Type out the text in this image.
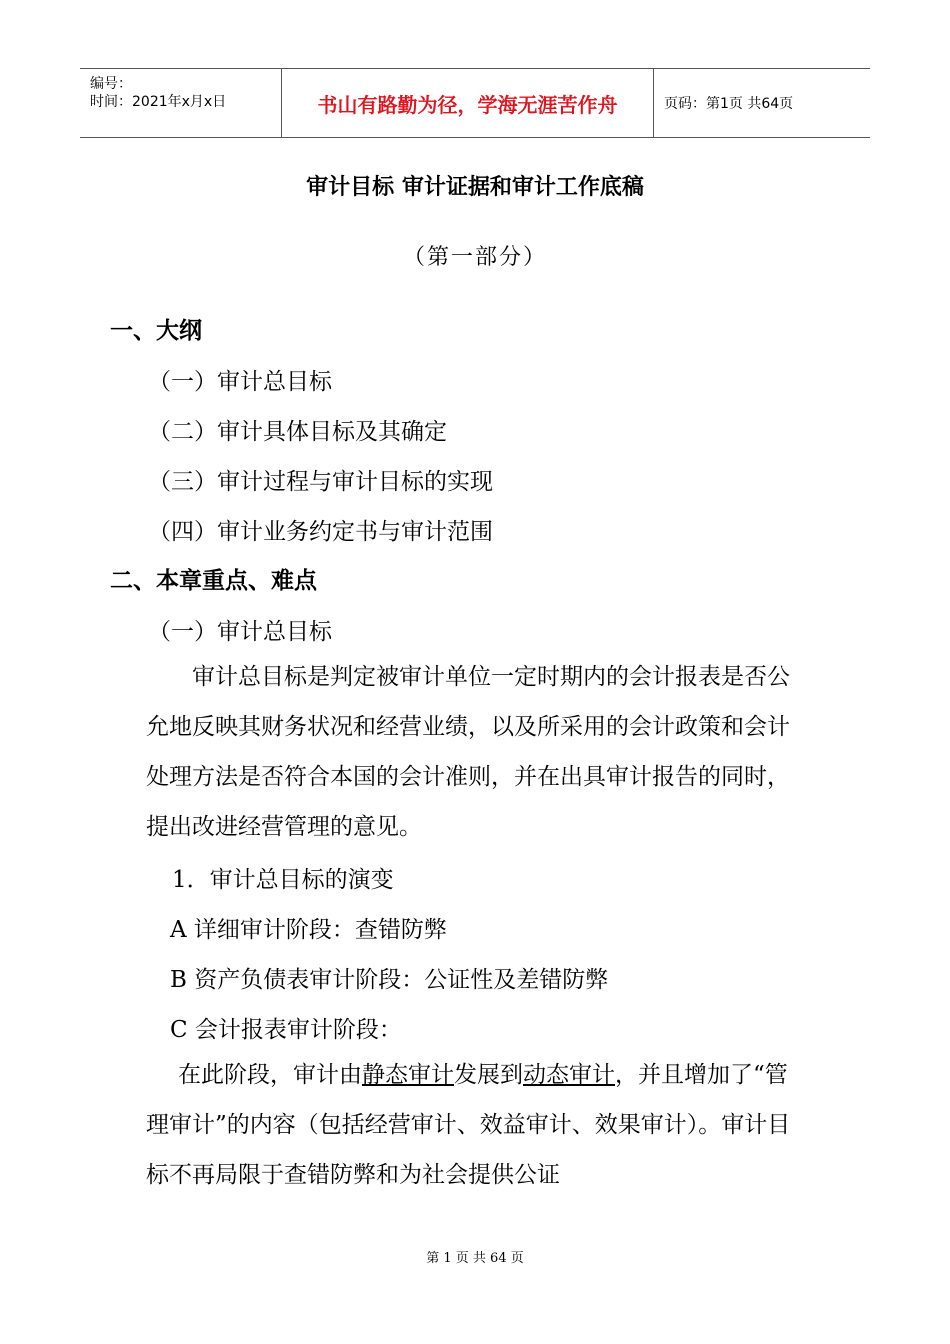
编号：
时间：2021年x月x日	书山有路勤为径，学海无涯苦作舟	页码：第1页 共64页
审计目标 审计证据和审计工作底稿
（第一部分）
一、大纲
（一）审计总目标
（二）审计具体目标及其确定
（三）审计过程与审计目标的实现
（四）审计业务约定书与审计范围
二、本章重点、难点
（一）审计总目标
审计总目标是判定被审计单位一定时期内的会计报表是否公允地反映其财务状况和经营业绩，以及所采用的会计政策和会计处理方法是否符合本国的会计准则，并在出具审计报告的同时，提出改进经营管理的意见。
1．审计总目标的演变
A 详细审计阶段：查错防弊
B 资产负债表审计阶段：公证性及差错防弊
C 会计报表审计阶段：
在此阶段，审计由静态审计发展到动态审计，并且增加了“管理审计”的内容（包括经营审计、效益审计、效果审计）。审计目标不再局限于查错防弊和为社会提供公证
第 1 页 共 64 页
